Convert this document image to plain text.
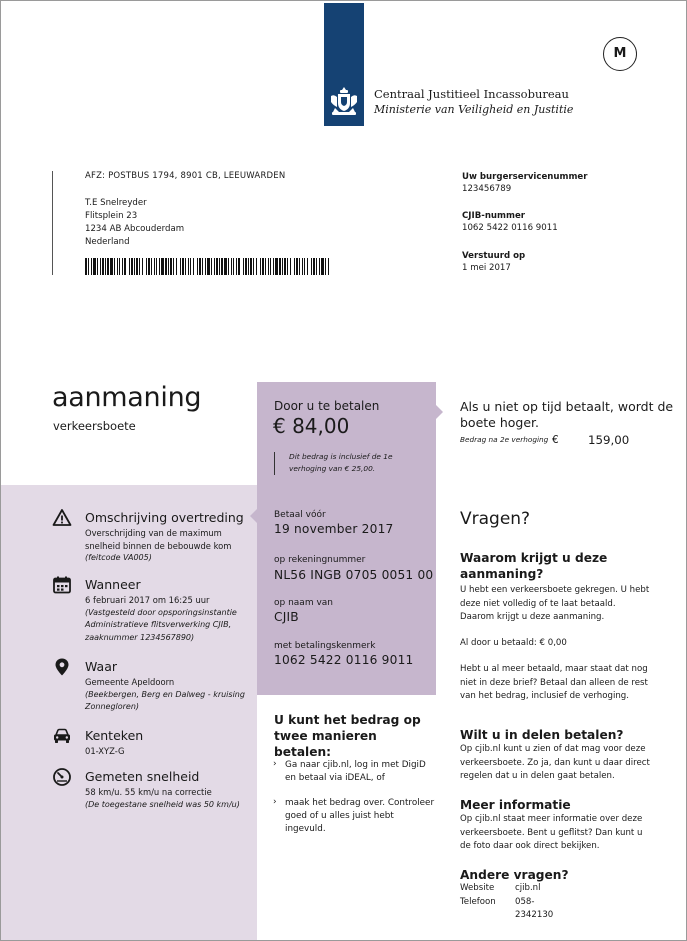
Centraal Justitieel Incassobureau
Ministerie van Veiligheid en Justitie
M
AFZ: POSTBUS 1794, 8901 CB, LEEUWARDEN
T.E Snelreyder
Flitsplein 23
1234 AB Abcouderdam
Nederland
Uw burgerservicenummer
123456789
CJIB-nummer
1062 5422 0116 9011
Verstuurd op
1 mei 2017
aanmaning
verkeersboete
Door u te betalen
€ 84,00
Dit bedrag is inclusief de 1e verhoging van € 25,00.
Betaal vóór
19 november 2017
op rekeningnummer
NL56 INGB 0705 0051 00
op naam van
CJIB
met betalingskenmerk
1062 5422 0116 9011
U kunt het bedrag op twee manieren betalen:
› Ga naar cjib.nl, log in met DigiD en betaal via iDEAL, of
› maak het bedrag over. Controleer goed of u alles juist hebt ingevuld.
Als u niet op tijd betaalt, wordt de boete hoger.
Bedrag na 2e verhoging € 159,00
Omschrijving overtreding
Overschrijding van de maximum snelheid binnen de bebouwde kom
(feitcode VA005)
Wanneer
6 februari 2017 om 16:25 uur
(Vastgesteld door opsporingsinstantie Administratieve flitsverwerking CJIB, zaaknummer 1234567890)
Waar
Gemeente Apeldoorn
(Beekbergen, Berg en Dalweg - kruising Zonnegloren)
Kenteken
01-XYZ-G
Gemeten snelheid
58 km/u. 55 km/u na correctie
(De toegestane snelheid was 50 km/u)
Vragen?
Waarom krijgt u deze aanmaning?
U hebt een verkeersboete gekregen. U hebt deze niet volledig of te laat betaald. Daarom krijgt u deze aanmaning.
Al door u betaald: € 0,00
Hebt u al meer betaald, maar staat dat nog niet in deze brief? Betaal dan alleen de rest van het bedrag, inclusief de verhoging.
Wilt u in delen betalen?
Op cjib.nl kunt u zien of dat mag voor deze verkeersboete. Zo ja, dan kunt u daar direct regelen dat u in delen gaat betalen.
Meer informatie
Op cjib.nl staat meer informatie over deze verkeersboete. Bent u geflitst? Dan kunt u de foto daar ook direct bekijken.
Andere vragen?
Website cjib.nl
Telefoon 058-2342130
